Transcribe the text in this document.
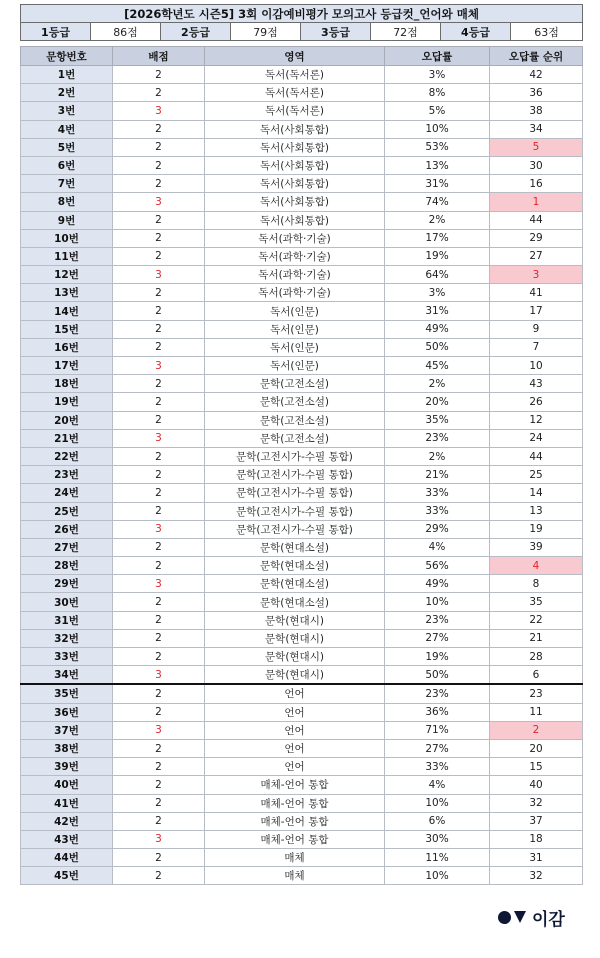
[2026학년도 시즌5] 3회 이감예비평가 모의고사 등급컷_언어와 매체
1등급	86점	2등급	79점	3등급	72점	4등급	63점
문항번호	배점	영역	오답률	오답률 순위
1번	2	독서(독서론)	3%	42
2번	2	독서(독서론)	8%	36
3번	3	독서(독서론)	5%	38
4번	2	독서(사회통합)	10%	34
5번	2	독서(사회통합)	53%	5
6번	2	독서(사회통합)	13%	30
7번	2	독서(사회통합)	31%	16
8번	3	독서(사회통합)	74%	1
9번	2	독서(사회통합)	2%	44
10번	2	독서(과학·기술)	17%	29
11번	2	독서(과학·기술)	19%	27
12번	3	독서(과학·기술)	64%	3
13번	2	독서(과학·기술)	3%	41
14번	2	독서(인문)	31%	17
15번	2	독서(인문)	49%	9
16번	2	독서(인문)	50%	7
17번	3	독서(인문)	45%	10
18번	2	문학(고전소설)	2%	43
19번	2	문학(고전소설)	20%	26
20번	2	문학(고전소설)	35%	12
21번	3	문학(고전소설)	23%	24
22번	2	문학(고전시가-수필 통합)	2%	44
23번	2	문학(고전시가-수필 통합)	21%	25
24번	2	문학(고전시가-수필 통합)	33%	14
25번	2	문학(고전시가-수필 통합)	33%	13
26번	3	문학(고전시가-수필 통합)	29%	19
27번	2	문학(현대소설)	4%	39
28번	2	문학(현대소설)	56%	4
29번	3	문학(현대소설)	49%	8
30번	2	문학(현대소설)	10%	35
31번	2	문학(현대시)	23%	22
32번	2	문학(현대시)	27%	21
33번	2	문학(현대시)	19%	28
34번	3	문학(현대시)	50%	6
35번	2	언어	23%	23
36번	2	언어	36%	11
37번	3	언어	71%	2
38번	2	언어	27%	20
39번	2	언어	33%	15
40번	2	매체-언어 통합	4%	40
41번	2	매체-언어 통합	10%	32
42번	2	매체-언어 통합	6%	37
43번	3	매체-언어 통합	30%	18
44번	2	매체	11%	31
45번	2	매체	10%	32
이감
